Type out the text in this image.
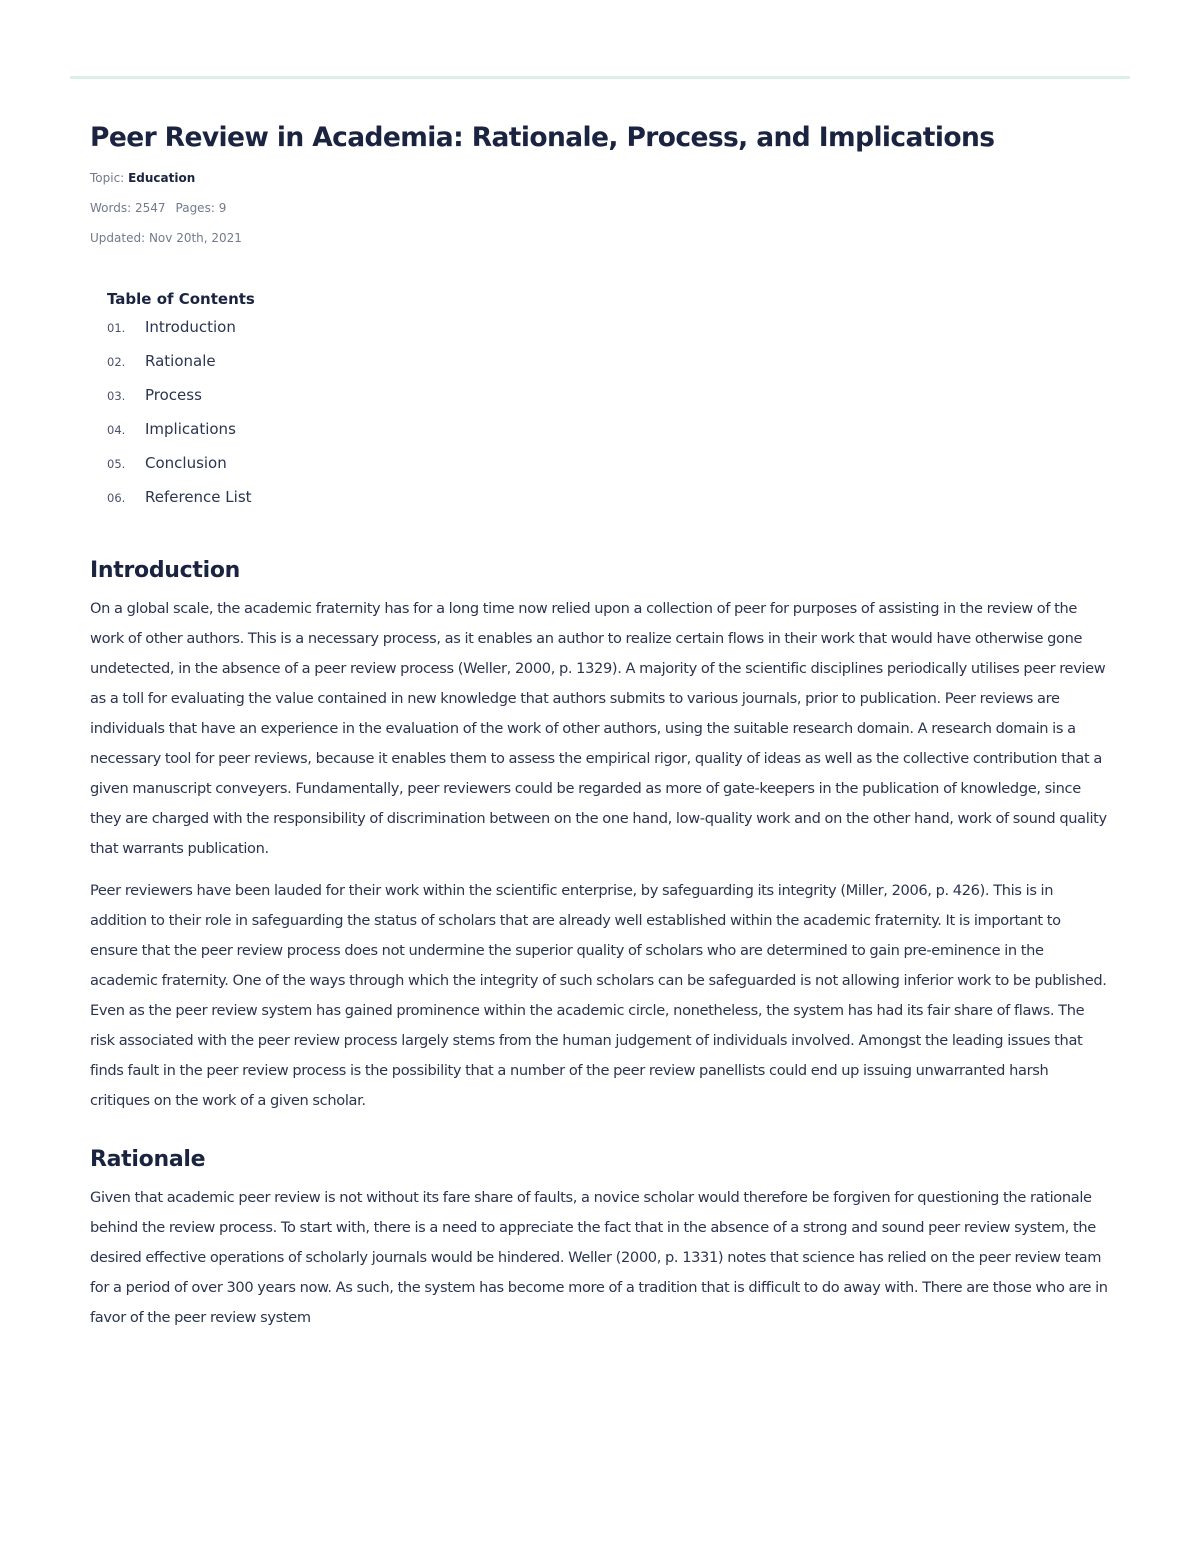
Peer Review in Academia: Rationale, Process, and Implications
Topic: Education
Words: 2547 Pages: 9
Updated: Nov 20th, 2021
Table of Contents
01.	Introduction
02.	Rationale
03.	Process
04.	Implications
05.	Conclusion
06.	Reference List
Introduction

On a global scale, the academic fraternity has for a long time now relied upon a collection of peer for purposes of assisting in the review of the work of other authors. This is a necessary process, as it enables an author to realize certain flows in their work that would have otherwise gone undetected, in the absence of a peer review process (Weller, 2000, p. 1329). A majority of the scientific disciplines periodically utilises peer review as a toll for evaluating the value contained in new knowledge that authors submits to various journals, prior to publication. Peer reviews are individuals that have an experience in the evaluation of the work of other authors, using the suitable research domain. A research domain is a necessary tool for peer reviews, because it enables them to assess the empirical rigor, quality of ideas as well as the collective contribution that a given manuscript conveyers. Fundamentally, peer reviewers could be regarded as more of gate-keepers in the publication of knowledge, since they are charged with the responsibility of discrimination between on the one hand, low-quality work and on the other hand, work of sound quality that warrants publication.

Peer reviewers have been lauded for their work within the scientific enterprise, by safeguarding its integrity (Miller, 2006, p. 426). This is in addition to their role in safeguarding the status of scholars that are already well established within the academic fraternity. It is important to ensure that the peer review process does not undermine the superior quality of scholars who are determined to gain pre-eminence in the academic fraternity. One of the ways through which the integrity of such scholars can be safeguarded is not allowing inferior work to be published. Even as the peer review system has gained prominence within the academic circle, nonetheless, the system has had its fair share of flaws. The risk associated with the peer review process largely stems from the human judgement of individuals involved. Amongst the leading issues that finds fault in the peer review process is the possibility that a number of the peer review panellists could end up issuing unwarranted harsh critiques on the work of a given scholar.

Rationale

Given that academic peer review is not without its fare share of faults, a novice scholar would therefore be forgiven for questioning the rationale behind the review process. To start with, there is a need to appreciate the fact that in the absence of a strong and sound peer review system, the desired effective operations of scholarly journals would be hindered. Weller (2000, p. 1331) notes that science has relied on the peer review team for a period of over 300 years now. As such, the system has become more of a tradition that is difficult to do away with. There are those who are in favor of the peer review system
